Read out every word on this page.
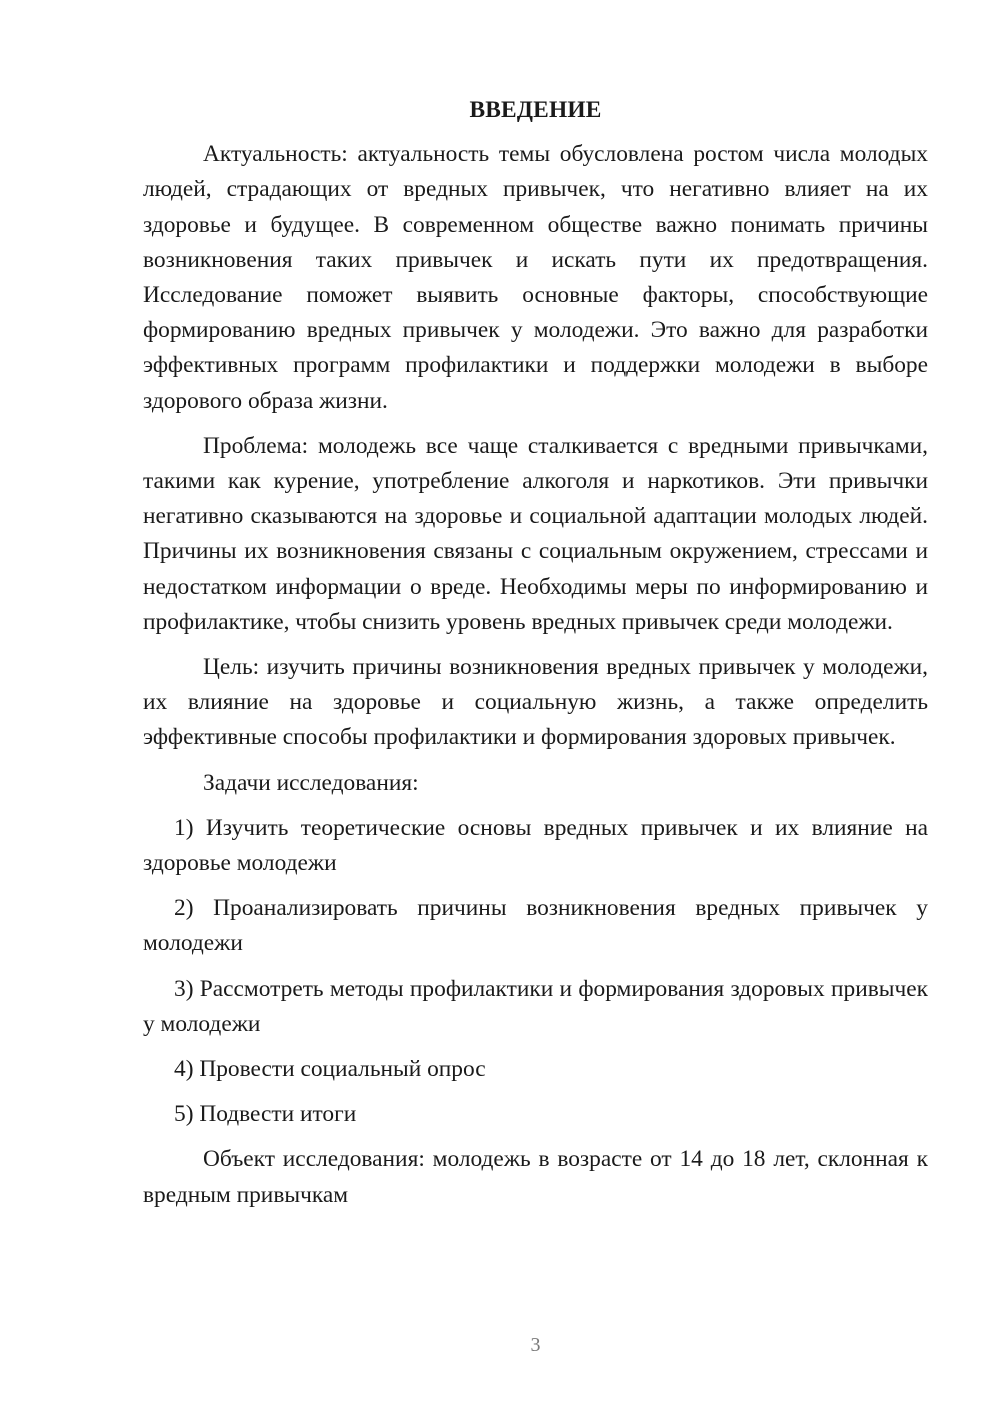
ВВЕДЕНИЕ

Актуальность: актуальность темы обусловлена ростом числа молодых людей, страдающих от вредных привычек, что негативно влияет на их здоровье и будущее. В современном обществе важно понимать причины возникновения таких привычек и искать пути их предотвращения. Исследование поможет выявить основные факторы, способствующие формированию вредных привычек у молодежи. Это важно для разработки эффективных программ профилактики и поддержки молодежи в выборе здорового образа жизни.

Проблема: молодежь все чаще сталкивается с вредными привычками, такими как курение, употребление алкоголя и наркотиков. Эти привычки негативно сказываются на здоровье и социальной адаптации молодых людей. Причины их возникновения связаны с социальным окружением, стрессами и недостатком информации о вреде. Необходимы меры по информированию и профилактике, чтобы снизить уровень вредных привычек среди молодежи.

Цель: изучить причины возникновения вредных привычек у молодежи, их влияние на здоровье и социальную жизнь, а также определить эффективные способы профилактики и формирования здоровых привычек.

Задачи исследования:

1) Изучить теоретические основы вредных привычек и их влияние на здоровье молодежи

2) Проанализировать причины возникновения вредных привычек у молодежи

3) Рассмотреть методы профилактики и формирования здоровых привычек у молодежи

4) Провести социальный опрос

5) Подвести итоги

Объект исследования: молодежь в возрасте от 14 до 18 лет, склонная к вредным привычкам

3
